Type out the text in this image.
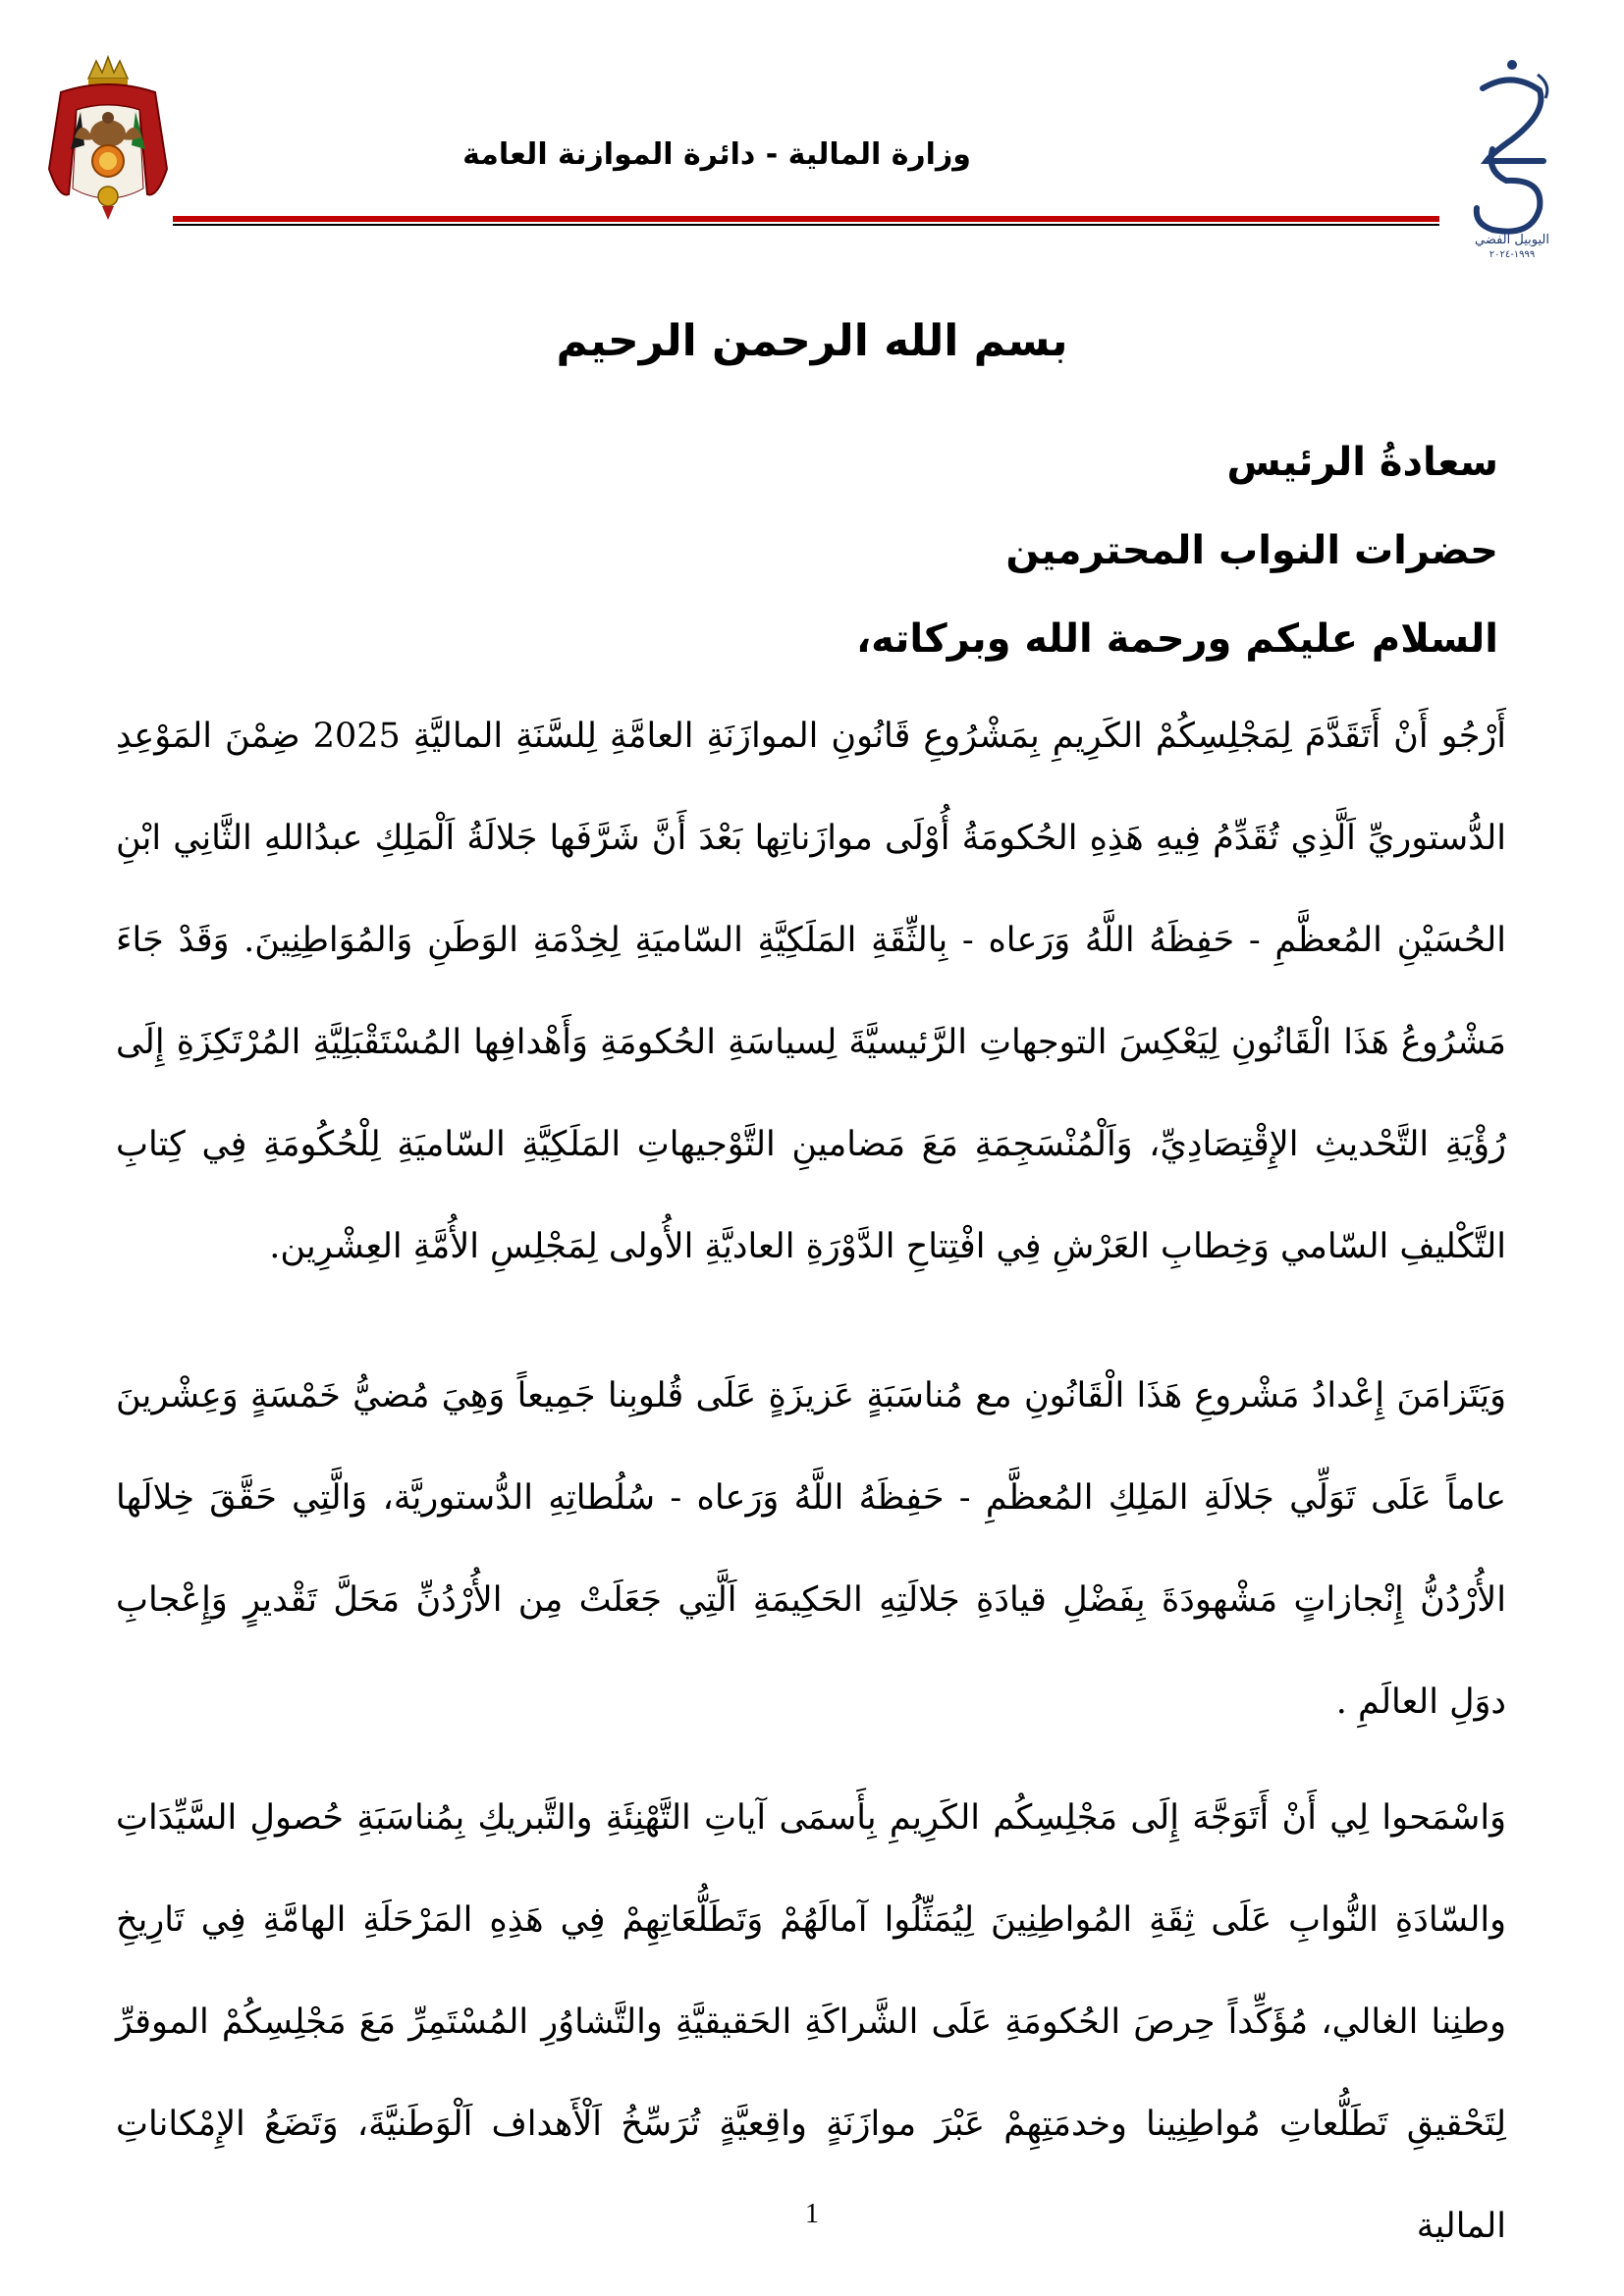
اليوبيل الفضي
١٩٩٩-٢٠٢٤
وزارة المالية - دائرة الموازنة العامة
بسم الله الرحمن الرحيم
سعادةُ الرئيس
حضرات النواب المحترمين
السلام عليكم ورحمة الله وبركاته،
أَرْجُو أَنْ أَتَقَدَّمَ لِمَجْلِسِكُمْ الكَرِيمِ بِمَشْرُوعِ قَانُونِ الموازَنَةِ العامَّةِ لِلسَّنَةِ الماليَّةِ 2025 ضِمْنَ المَوْعِدِ الدُّستوريِّ اَلَّذِي تُقَدِّمُ فِيهِ هَذِهِ الحُكومَةُ أُوْلَى موازَناتِها بَعْدَ أَنَّ شَرَّفَها جَلالَةُ اَلْمَلِكِ عبدُاللهِ الثَّانِي ابْنِ الحُسَيْنِ المُعظَّمِ - حَفِظَهُ اللَّهُ وَرَعاه - بِالثِّقَةِ المَلَكِيَّةِ السّاميَةِ لِخِدْمَةِ الوَطَنِ وَالمُوَاطِنِينَ. وَقَدْ جَاءَ مَشْرُوعُ هَذَا الْقَانُونِ لِيَعْكِسَ التوجهاتِ الرَّئيسيَّةَ لِسياسَةِ الحُكومَةِ وَأَهْدافِها المُسْتَقْبَلِيَّةِ المُرْتَكِزَةِ إِلَى رُؤْيَةِ التَّحْديثِ الإِقْتِصَادِيِّ، وَاَلْمُنْسَجِمَةِ مَعَ مَضامينِ التَّوْجيهاتِ المَلَكِيَّةِ السّاميَةِ لِلْحُكُومَةِ فِي كِتابِ التَّكْليفِ السّامي وَخِطابِ العَرْشِ فِي افْتِتاحِ الدَّوْرَةِ العاديَّةِ الأُولى لِمَجْلِسِ الأُمَّةِ العِشْرِين.
وَيَتَزامَنَ إِعْدادُ مَشْروعِ هَذَا الْقَانُونِ مع مُناسَبَةٍ عَزيزَةٍ عَلَى قُلوبِنا جَمِيعاً وَهِيَ مُضيُّ خَمْسَةٍ وَعِشْرينَ عاماً عَلَى تَوَلِّي جَلالَةِ المَلِكِ المُعظَّمِ - حَفِظَهُ اللَّهُ وَرَعاه - سُلُطاتِهِ الدُّستوريَّة، وَالَّتِي حَقَّقَ خِلالَها الأُرْدُنُّ إِنْجازاتٍ مَشْهودَةَ بِفَضْلِ قيادَةِ جَلالَتِهِ الحَكِيمَةِ اَلَّتِي جَعَلَتْ مِن الأُرْدُنِّ مَحَلَّ تَقْديرٍ وَإِعْجابِ دوَلِ العالَمِ .
وَاسْمَحوا لِي أَنْ أَتَوَجَّهَ إِلَى مَجْلِسِكُم الكَرِيمِ بِأَسمَى آياتِ التَّهْنِئَةِ والتَّبريكِ بِمُناسَبَةِ حُصولِ السَّيِّدَاتِ والسّادَةِ النُّوابِ عَلَى ثِقَةِ المُواطِنِينَ لِيُمَثِّلُوا آمالَهُمْ وَتَطَلُّعَاتِهِمْ فِي هَذِهِ المَرْحَلَةِ الهامَّةِ فِي تَارِيخِ وطنِنا الغالي، مُؤَكِّداً حِرصَ الحُكومَةِ عَلَى الشَّراكَةِ الحَقيقيَّةِ والتَّشاوُرِ المُسْتَمِرِّ مَعَ مَجْلِسِكُمْ الموقرِّ لِتَحْقيقِ تَطَلُّعاتِ مُواطِنِينا وخدمَتِهِمْ عَبْرَ موازَنَةٍ واقِعيَّةٍ تُرَسِّخُ اَلْأَهداف اَلْوَطَنيَّةَ، وَتَضَعُ الإِمْكاناتِ المالية
1
